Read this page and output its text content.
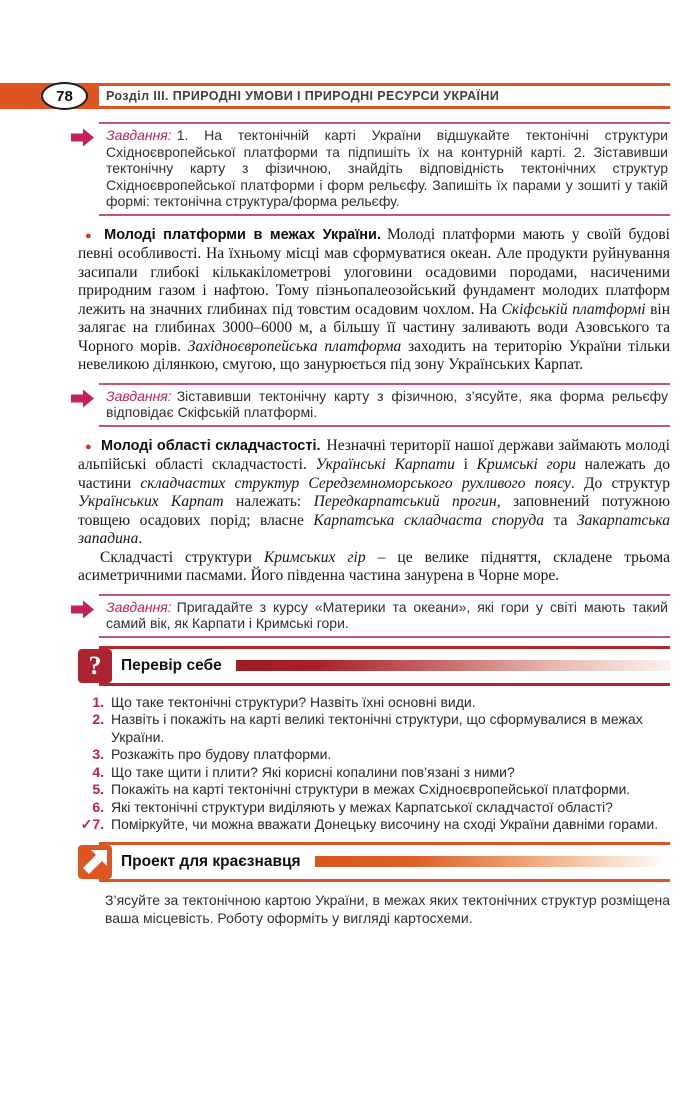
78	Розділ III. ПРИРОДНІ УМОВИ І ПРИРОДНІ РЕСУРСИ УКРАЇНИ

Завдання: 1. На тектонічній карті України відшукайте тектонічні структури Східноєвропейської платформи та підпишіть їх на контурній карті. 2. Зіставивши тектонічну карту з фізичною, знайдіть відповідність тектонічних структур Східноєвропейської платформи і форм рельєфу. Запишіть їх парами у зошиті у такій формі: тектонічна структура/форма рельєфу.

● Молоді платформи в межах України. Молоді платформи мають у своїй будові певні особливості. На їхньому місці мав сформуватися океан. Але продукти руйнування засипали глибокі кількакілометрові улоговини осадовими породами, насиченими природним газом і нафтою. Тому пізньопалеозойський фундамент молодих платформ лежить на значних глибинах під товстим осадовим чохлом. На Скіфській платформі він залягає на глибинах 3000–6000 м, а більшу її частину заливають води Азовського та Чорного морів. Західноєвропейська платформа заходить на територію України тільки невеликою ділянкою, смугою, що занурюється під зону Українських Карпат.

Завдання: Зіставивши тектонічну карту з фізичною, з’ясуйте, яка форма рельєфу відповідає Скіфській платформі.

● Молоді області складчастості. Незначні території нашої держави займають молоді альпійські області складчастості. Українські Карпати і Кримські гори належать до частини складчастих структур Середземноморського рухливого поясу. До структур Українських Карпат належать: Передкарпатський прогин, заповнений потужною товщею осадових порід; власне Карпатська складчаста споруда та Закарпатська западина.

Складчасті структури Кримських гір – це велике підняття, складене трьома асиметричними пасмами. Його південна частина занурена в Чорне море.

Завдання: Пригадайте з курсу «Материки та океани», які гори у світі мають такий самий вік, як Карпати і Кримські гори.

? Перевір себе
1. Що таке тектонічні структури? Назвіть їхні основні види.
2. Назвіть і покажіть на карті великі тектонічні структури, що сформувалися в межах України.
3. Розкажіть про будову платформи.
4. Що таке щити і плити? Які корисні копалини пов’язані з ними?
5. Покажіть на карті тектонічні структури в межах Східноєвропейської платформи.
6. Які тектонічні структури виділяють у межах Карпатської складчастої області?
✓7. Поміркуйте, чи можна вважати Донецьку височину на сході України давніми горами.
Проект для краєзнавця

З’ясуйте за тектонічною картою України, в межах яких тектонічних структур розміщена ваша місцевість. Роботу оформіть у вигляді картосхеми.
